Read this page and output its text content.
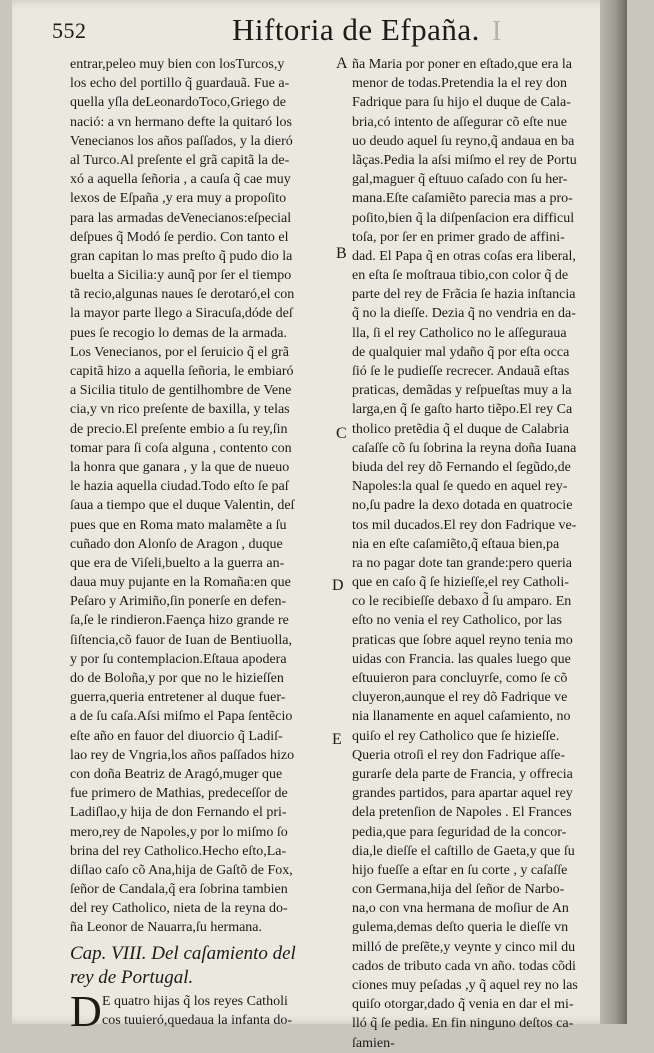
552	Hiftoria de Efpaña. I
entrar,peleo muy bien con losTurcos,y
los echo del portillo q̃ guardauã. Fue a-
quella yſla deLeonardoToco,Griego de
nació: a vn hermano defte la quitaró los
Venecianos los años paſſados, y la dieró
al Turco.Al preſente el grã capitã la de-
xó a aquella ſeñoria , a cauſa q̃ cae muy
lexos de Eſpaña ,y era muy a propoſito
para las armadas deVenecianos:eſpecial
deſpues q̃ Modó ſe perdio. Con tanto el
gran capitan lo mas preſto q̃ pudo dio la
buelta a Sicilia:y aunq̃ por ſer el tiempo
tã recio,algunas naues ſe derotaró,el con
la mayor parte llego a Siracuſa,dóde deſ
pues ſe recogio lo demas de la armada.
Los Venecianos, por el ſeruicio q̃ el grã
capitã hizo a aquella ſeñoria, le embiaró
a Sicilia titulo de gentilhombre de Vene
cia,y vn rico preſente de baxilla, y telas
de precio.El preſente embio a ſu rey,ſin
tomar para ſi coſa alguna , contento con
la honra que ganara , y la que de nueuo
le hazia aquella ciudad.Todo eſto ſe paſ
ſaua a tiempo que el duque Valentin, deſ
pues que en Roma mato malamẽte a ſu
cuñado don Alonſo de Aragon , duque
que era de Viſeli,buelto a la guerra an-
daua muy pujante en la Romaña:en que
Peſaro y Arimiño,ſin ponerſe en defen-
ſa,ſe le rindieron.Faença hizo grande re
ſiſtencia,cõ fauor de Iuan de Bentiuolla,
y por ſu contemplacion.Eſtaua apodera
do de Boloña,y por que no le hizieſſen
guerra,queria entretener al duque fuer-
a de ſu caſa.Aſsi miſmo el Papa ſentẽcio
eſte año en fauor del diuorcio q̃ Ladiſ-
lao rey de Vngria,los años paſſados hizo
con doña Beatriz de Aragó,muger que
fue primero de Mathias, predeceſſor de
Ladiſlao,y hija de don Fernando el pri-
mero,rey de Napoles,y por lo miſmo ſo
brina del rey Catholico.Hecho eſto,La-
diſlao caſo cõ Ana,hija de Gaſtõ de Fox,
ſeñor de Candala,q̃ era ſobrina tambien
del rey Catholico, nieta de la reyna do-
ña Leonor de Nauarra,ſu hermana.
Cap. VIII. Del caſamiento del
rey de Portugal.
D E quatro hijas q̃ los reyes Catholi
cos tuuieró,quedaua la infanta do-
ña Maria por poner en eſtado,que era la
menor de todas.Pretendia la el rey don
Fadrique para ſu hijo el duque de Cala-
bria,có intento de aſſegurar cõ eſte nue
uo deudo aquel ſu reyno,q̃ andaua en ba
lãças.Pedia la aſsi miſmo el rey de Portu
gal,maguer q̃ eſtuuo caſado con ſu her-
mana.Eſte caſamiẽto parecia mas a pro-
poſito,bien q̃ la diſpenſacion era difficul
toſa, por ſer en primer grado de affini-
dad. El Papa q̃ en otras coſas era liberal,
en eſta ſe moſtraua tibio,con color q̃ de
parte del rey de Frãcia ſe hazia inſtancia
q̃ no la dieſſe. Dezia q̃ no vendria en da-
lla, ſi el rey Catholico no le aſſeguraua
de qualquier mal ydaño q̃ por eſta occa
ſió ſe le pudieſſe recrecer. Andauã eſtas
praticas, demãdas y reſpueſtas muy a la
larga,en q̃ ſe gaſto harto tiẽpo.El rey Ca
tholico pretẽdia q̃ el duque de Calabria
caſaſſe cõ ſu ſobrina la reyna doña Iuana
biuda del rey dõ Fernando el ſegũdo,de
Napoles:la qual ſe quedo en aquel rey-
no,ſu padre la dexo dotada en quatrocie
tos mil ducados.El rey don Fadrique ve-
nia en eſte caſamiẽto,q̃ eſtaua bien,pa
ra no pagar dote tan grande:pero queria
que en caſo q̃ ſe hizieſſe,el rey Catholi-
co le recibieſſe debaxo d̃ ſu amparo. En
eſto no venia el rey Catholico, por las
praticas que ſobre aquel reyno tenia mo
uidas con Francia. las quales luego que
eſtuuieron para concluyrſe, como ſe cõ
cluyeron,aunque el rey dõ Fadrique ve
nia llanamente en aquel caſamiento, no
quiſo el rey Catholico que ſe hizieſſe.
Queria otroſi el rey don Fadrique aſſe-
gurarſe dela parte de Francia, y offrecia
grandes partidos, para apartar aquel rey
dela pretenſion de Napoles . El Frances
pedia,que para ſeguridad de la concor-
dia,le dieſſe el caſtillo de Gaeta,y que ſu
hijo fueſſe a eſtar en ſu corte , y caſaſſe
con Germana,hija del ſeñor de Narbo-
na,o con vna hermana de moſiur de An
gulema,demas deſto queria le dieſſe vn
milló de preſẽte,y veynte y cinco mil du
cados de tributo cada vn año. todas cõdi
ciones muy peſadas ,y q̃ aquel rey no las
quiſo otorgar,dado q̃ venia en dar el mi-
lló q̃ ſe pedia. En fin ninguno deſtos ca-
ſamien-
A
B
C
D
E
